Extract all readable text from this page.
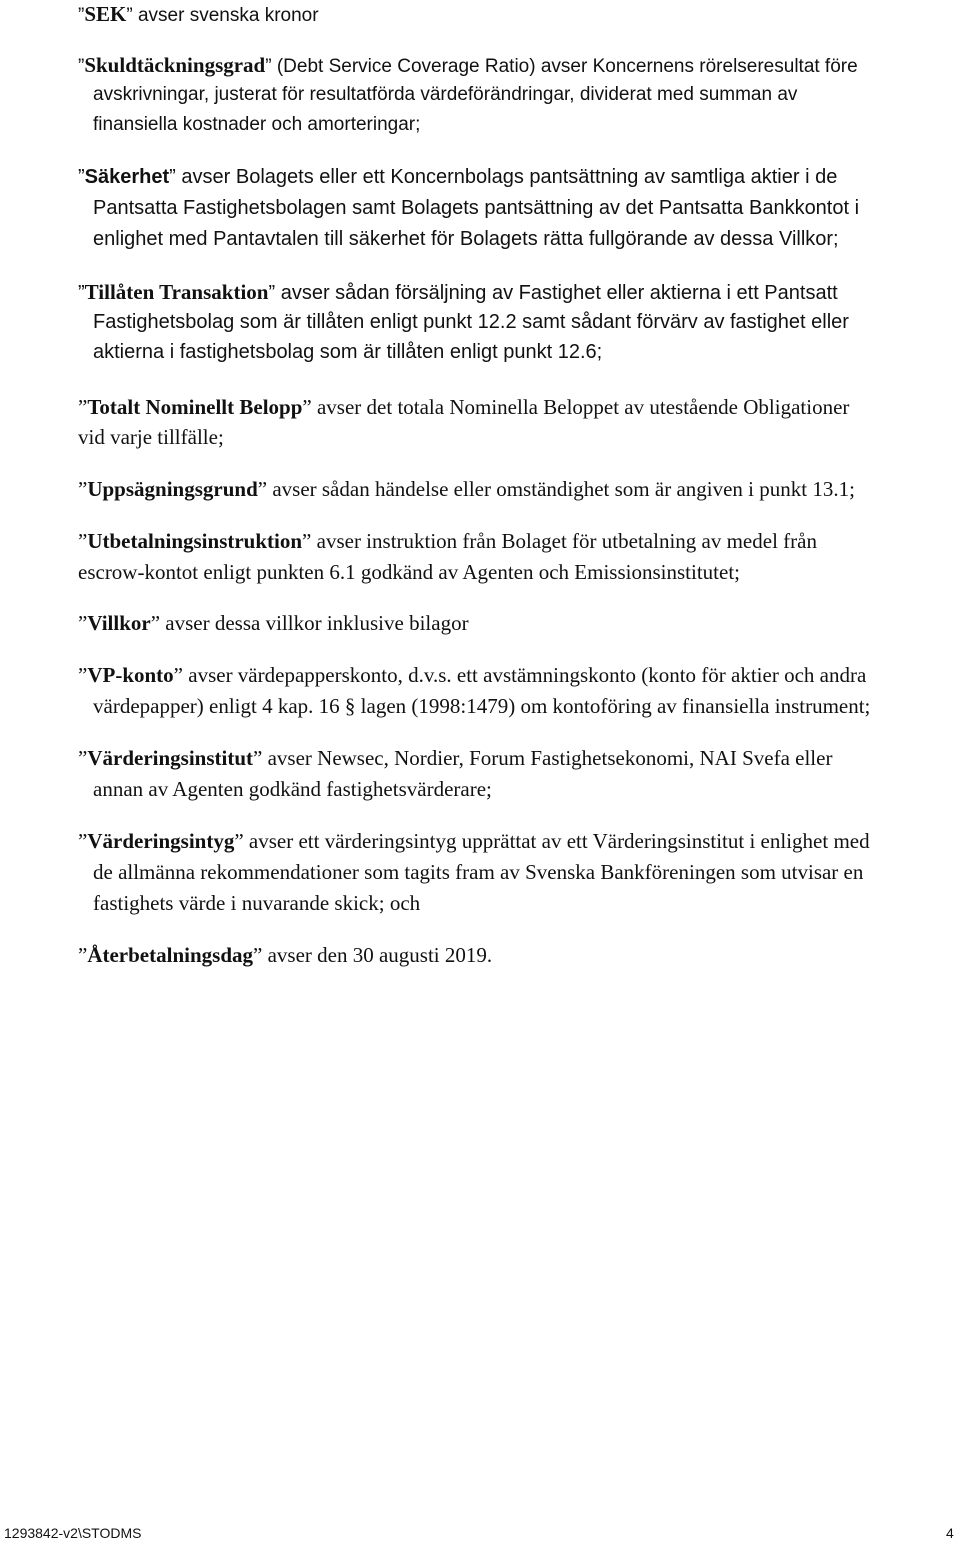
”SEK” avser svenska kronor
”Skuldtäckningsgrad” (Debt Service Coverage Ratio) avser Koncernens rörelseresultat före
avskrivningar, justerat för resultatförda värdeförändringar, dividerat med summan av
finansiella kostnader och amorteringar;
”Säkerhet” avser Bolagets eller ett Koncernbolags pantsättning av samtliga aktier i de
Pantsatta Fastighetsbolagen samt Bolagets pantsättning av det Pantsatta Bankkontot i
enlighet med Pantavtalen till säkerhet för Bolagets rätta fullgörande av dessa Villkor;
”Tillåten Transaktion” avser sådan försäljning av Fastighet eller aktierna i ett Pantsatt
Fastighetsbolag som är tillåten enligt punkt 12.2 samt sådant förvärv av fastighet eller
aktierna i fastighetsbolag som är tillåten enligt punkt 12.6;
”Totalt Nominellt Belopp” avser det totala Nominella Beloppet av utestående Obligationer
vid varje tillfälle;
”Uppsägningsgrund” avser sådan händelse eller omständighet som är angiven i punkt 13.1;
”Utbetalningsinstruktion” avser instruktion från Bolaget för utbetalning av medel från
escrow-kontot enligt punkten 6.1 godkänd av Agenten och Emissionsinstitutet;
”Villkor” avser dessa villkor inklusive bilagor
”VP-konto” avser värdepapperskonto, d.v.s. ett avstämningskonto (konto för aktier och andra
värdepapper) enligt 4 kap. 16 § lagen (1998:1479) om kontoföring av finansiella instrument;
”Värderingsinstitut” avser Newsec, Nordier, Forum Fastighetsekonomi, NAI Svefa eller
annan av Agenten godkänd fastighetsvärderare;
”Värderingsintyg” avser ett värderingsintyg upprättat av ett Värderingsinstitut i enlighet med
de allmänna rekommendationer som tagits fram av Svenska Bankföreningen som utvisar en
fastighets värde i nuvarande skick; och
”Återbetalningsdag” avser den 30 augusti 2019.
1293842-v2\STODMS	4
